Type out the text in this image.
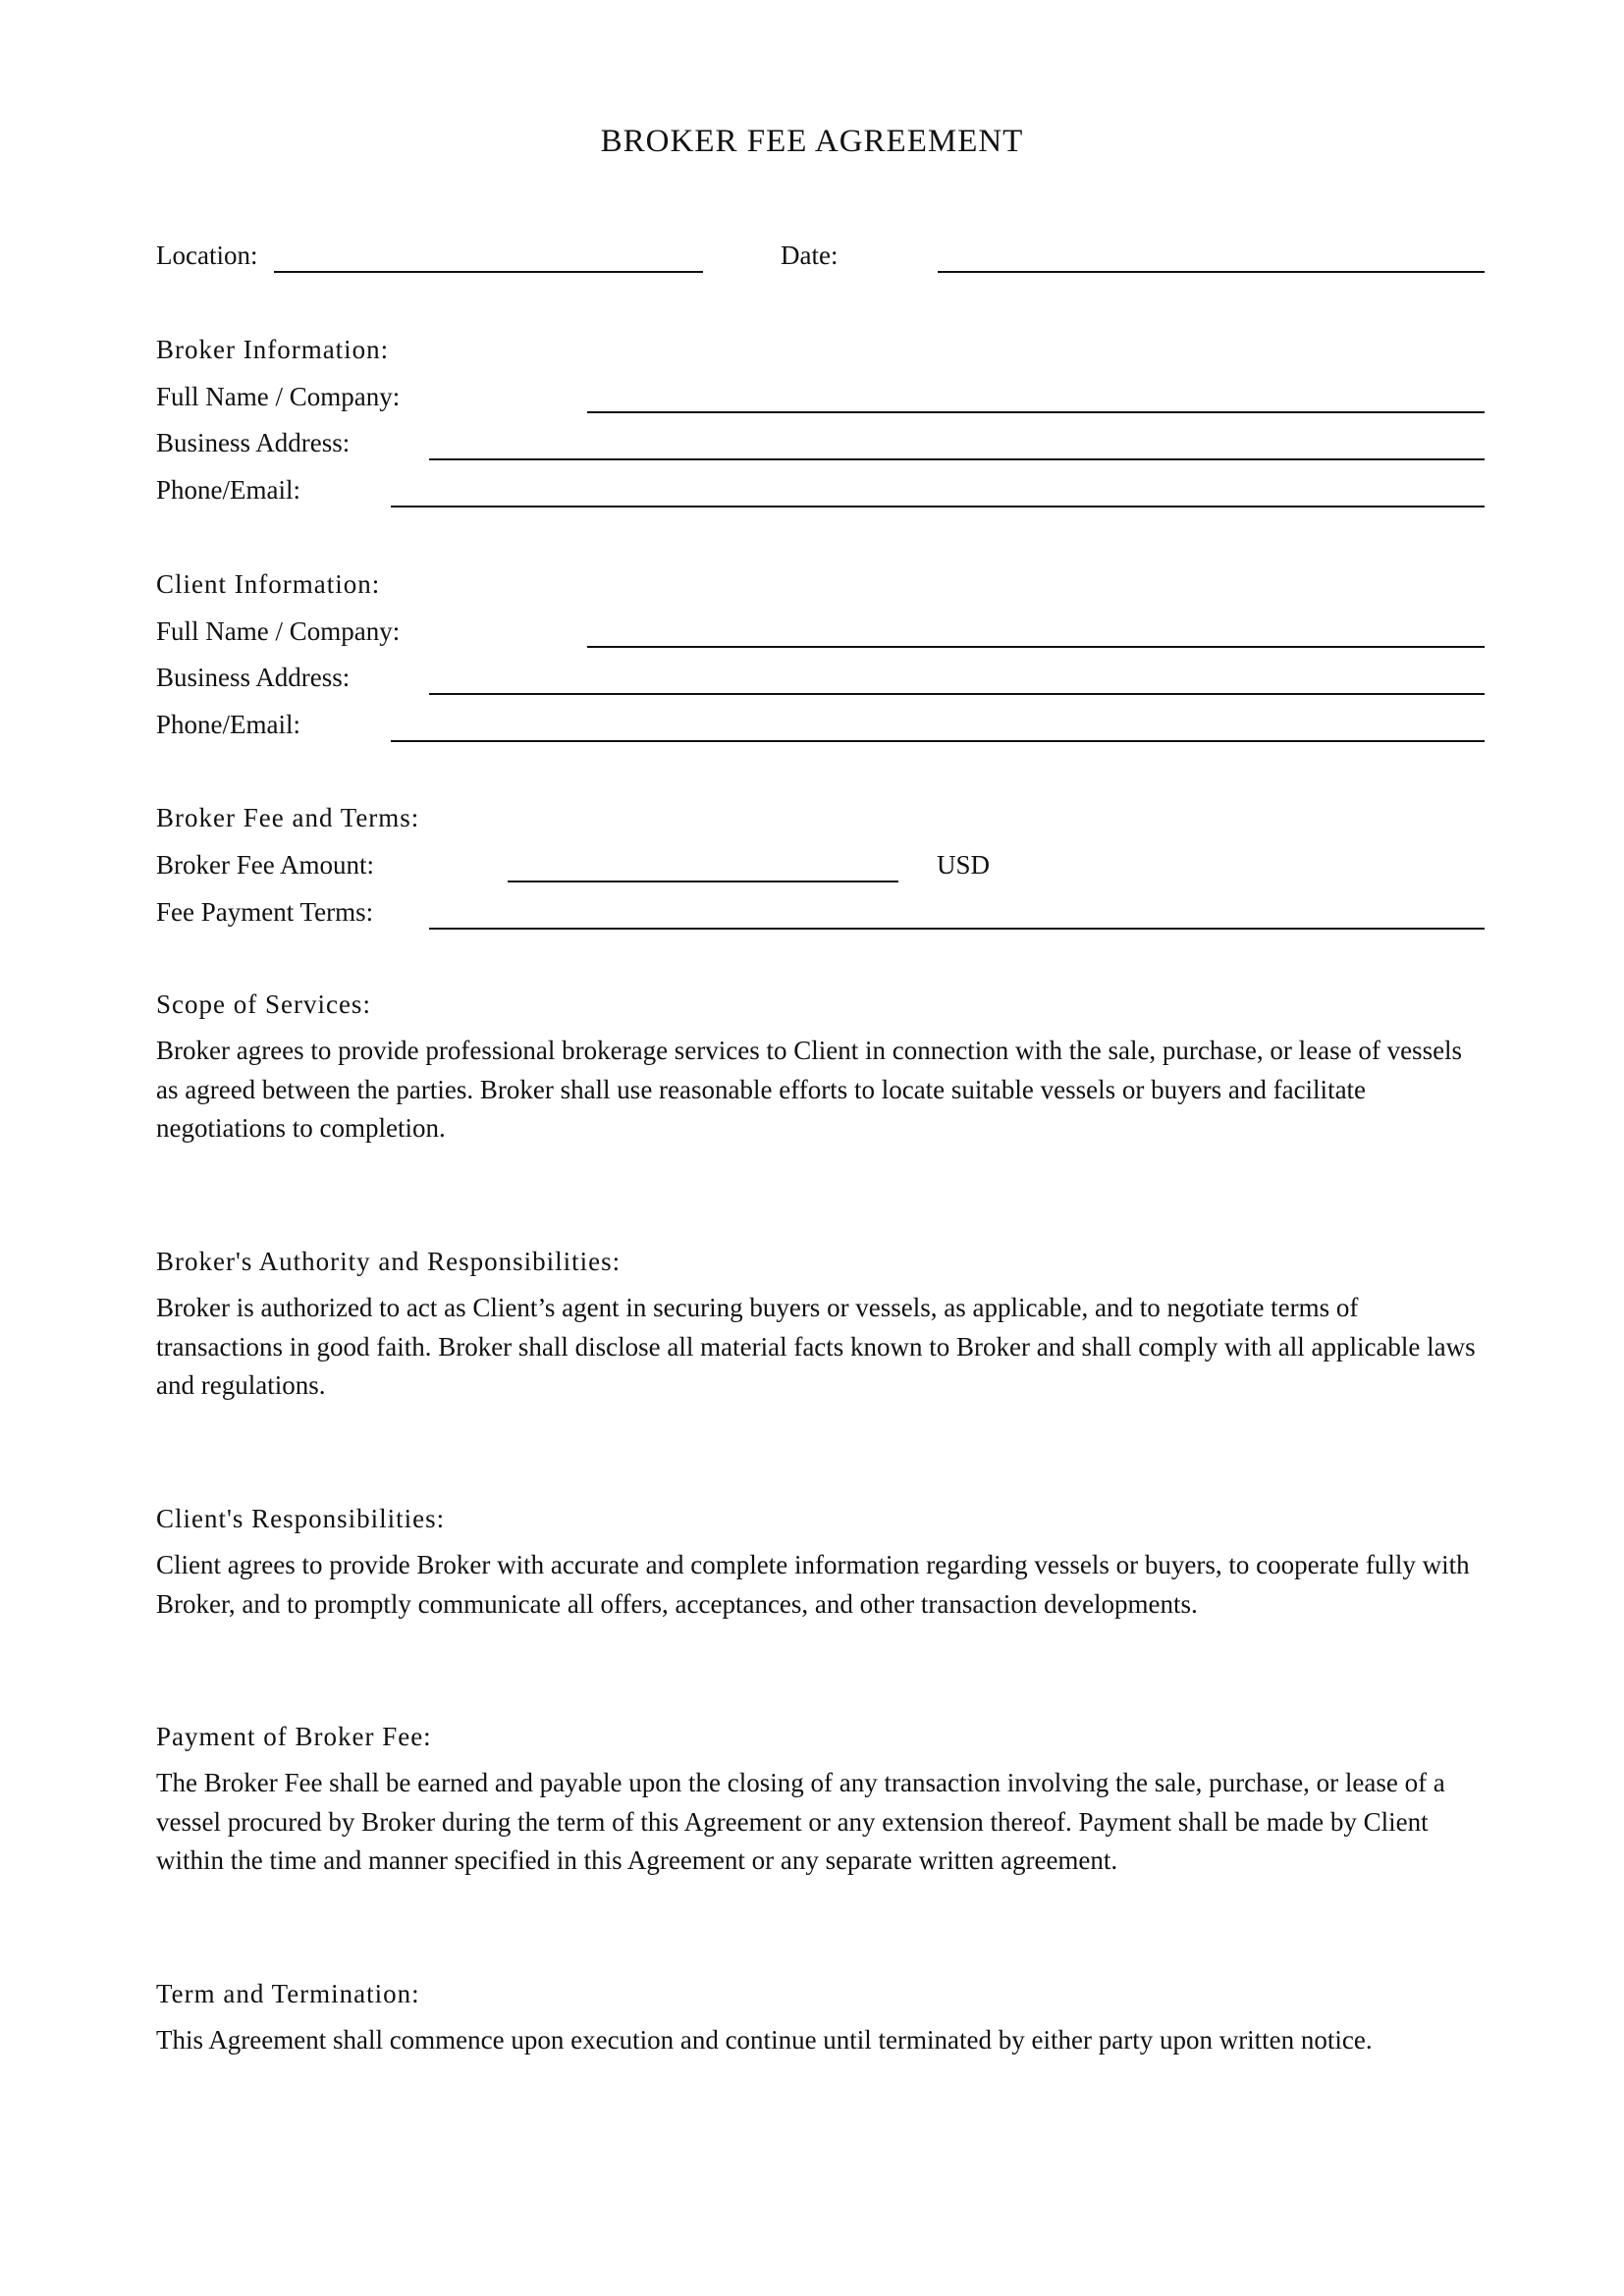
BROKER FEE AGREEMENT
Location:	Date:
Broker Information:
Full Name / Company:
Business Address:
Phone/Email:
Client Information:
Full Name / Company:
Business Address:
Phone/Email:
Broker Fee and Terms:
Broker Fee Amount:	USD
Fee Payment Terms:
Scope of Services:
Broker agrees to provide professional brokerage services to Client in connection with the sale, purchase, or lease of vessels as agreed between the parties. Broker shall use reasonable efforts to locate suitable vessels or buyers and facilitate negotiations to completion.
Broker's Authority and Responsibilities:
Broker is authorized to act as Client’s agent in securing buyers or vessels, as applicable, and to negotiate terms of transactions in good faith. Broker shall disclose all material facts known to Broker and shall comply with all applicable laws and regulations.
Client's Responsibilities:
Client agrees to provide Broker with accurate and complete information regarding vessels or buyers, to cooperate fully with Broker, and to promptly communicate all offers, acceptances, and other transaction developments.
Payment of Broker Fee:
The Broker Fee shall be earned and payable upon the closing of any transaction involving the sale, purchase, or lease of a vessel procured by Broker during the term of this Agreement or any extension thereof. Payment shall be made by Client within the time and manner specified in this Agreement or any separate written agreement.
Term and Termination:
This Agreement shall commence upon execution and continue until terminated by either party upon written notice.
